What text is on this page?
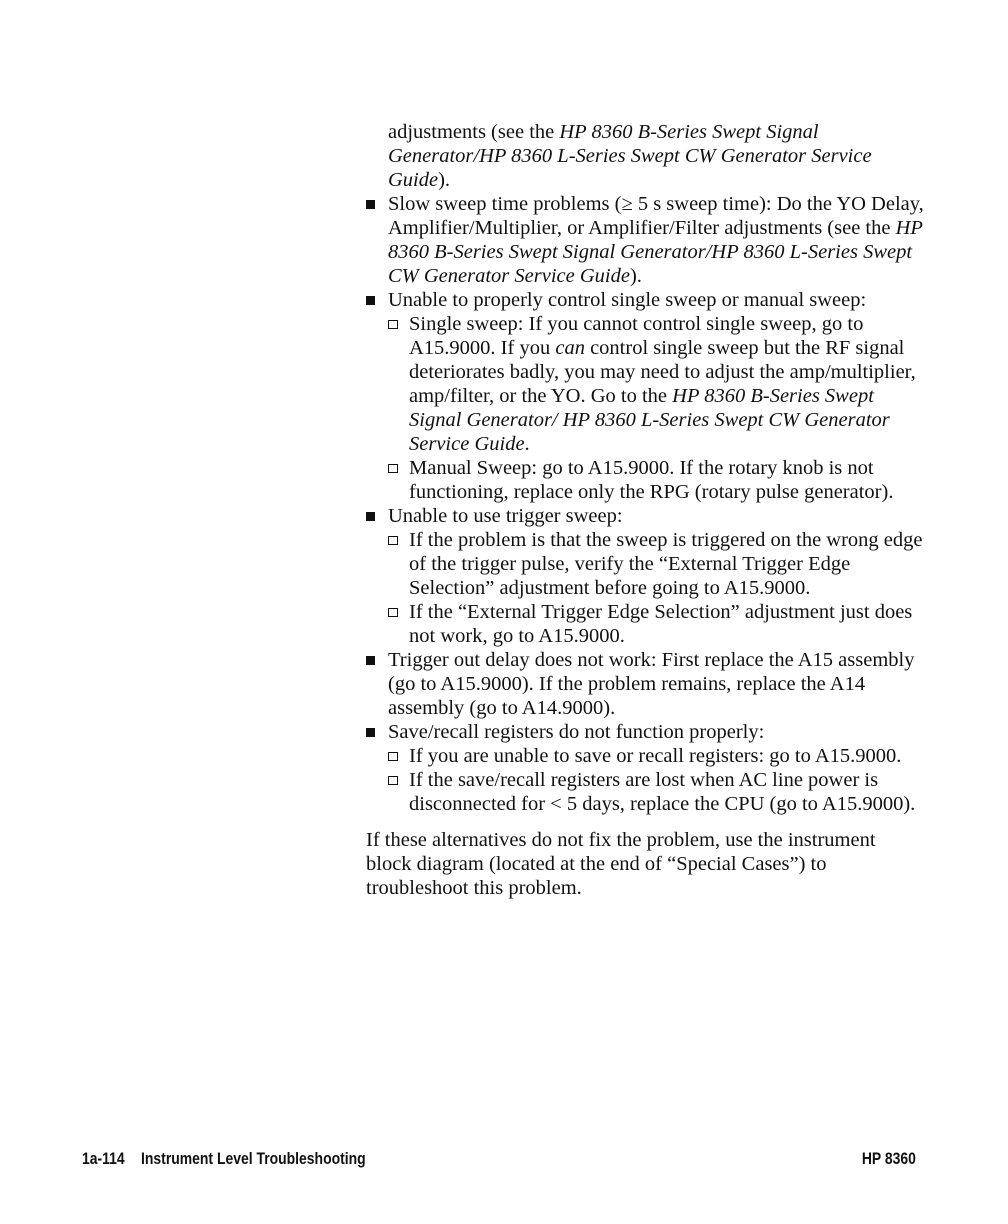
adjustments (see the HP 8360 B-Series Swept Signal Generator/HP 8360 L-Series Swept CW Generator Service Guide).
Slow sweep time problems (≥ 5 s sweep time): Do the YO Delay, Amplifier/Multiplier, or Amplifier/Filter adjustments (see the HP 8360 B-Series Swept Signal Generator/HP 8360 L-Series Swept CW Generator Service Guide).
Unable to properly control single sweep or manual sweep:
Single sweep: If you cannot control single sweep, go to A15.9000. If you can control single sweep but the RF signal deteriorates badly, you may need to adjust the amp/multiplier, amp/filter, or the YO. Go to the HP 8360 B-Series Swept Signal Generator/ HP 8360 L-Series Swept CW Generator Service Guide.
Manual Sweep: go to A15.9000. If the rotary knob is not functioning, replace only the RPG (rotary pulse generator).
Unable to use trigger sweep:
If the problem is that the sweep is triggered on the wrong edge of the trigger pulse, verify the “External Trigger Edge Selection” adjustment before going to A15.9000.
If the “External Trigger Edge Selection” adjustment just does not work, go to A15.9000.
Trigger out delay does not work: First replace the A15 assembly (go to A15.9000). If the problem remains, replace the A14 assembly (go to A14.9000).
Save/recall registers do not function properly:
If you are unable to save or recall registers: go to A15.9000.
If the save/recall registers are lost when AC line power is disconnected for < 5 days, replace the CPU (go to A15.9000).
If these alternatives do not fix the problem, use the instrument block diagram (located at the end of “Special Cases”) to troubleshoot this problem.
1a-114 Instrument Level Troubleshooting	HP 8360
